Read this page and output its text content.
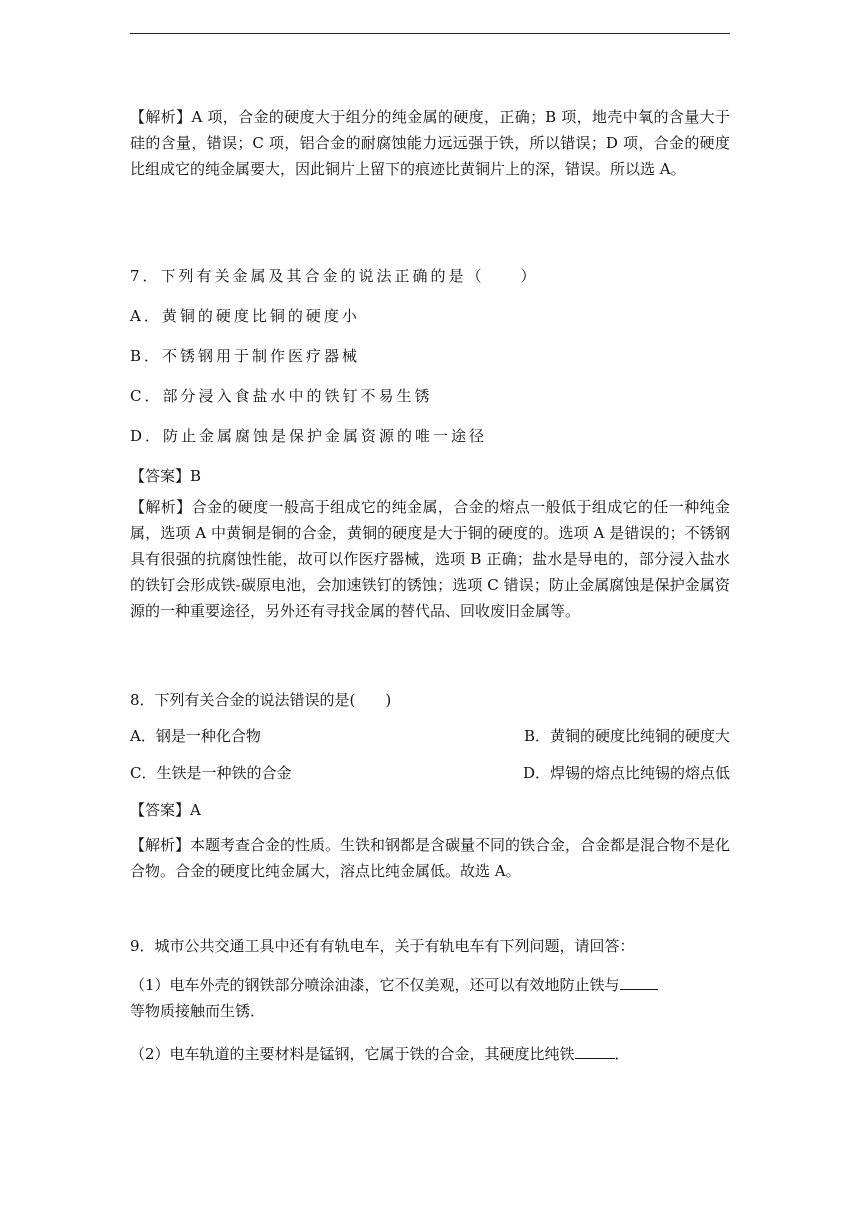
【解析】A 项，合金的硬度大于组分的纯金属的硬度，正确；B 项，地壳中氧的含量大于硅的含量，错误；C 项，铝合金的耐腐蚀能力远远强于铁，所以错误；D 项，合金的硬度比组成它的纯金属要大，因此铜片上留下的痕迹比黄铜片上的深，错误。所以选 A。

7．下列有关金属及其合金的说法正确的是（　　）
A．黄铜的硬度比铜的硬度小
B．不锈钢用于制作医疗器械
C．部分浸入食盐水中的铁钉不易生锈
D．防止金属腐蚀是保护金属资源的唯一途径
【答案】B

【解析】合金的硬度一般高于组成它的纯金属，合金的熔点一般低于组成它的任一种纯金属，选项 A 中黄铜是铜的合金，黄铜的硬度是大于铜的硬度的。选项 A 是错误的；不锈钢具有很强的抗腐蚀性能，故可以作医疗器械，选项 B 正确；盐水是导电的，部分浸入盐水的铁钉会形成铁-碳原电池，会加速铁钉的锈蚀；选项 C 错误；防止金属腐蚀是保护金属资源的一种重要途径，另外还有寻找金属的替代品、回收废旧金属等。

8．下列有关合金的说法错误的是(　　)
A．钢是一种化合物	B．黄铜的硬度比纯铜的硬度大
C．生铁是一种铁的合金	D．焊锡的熔点比纯锡的熔点低
【答案】A

【解析】本题考查合金的性质。生铁和钢都是含碳量不同的铁合金，合金都是混合物不是化合物。合金的硬度比纯金属大，溶点比纯金属低。故选 A。

9．城市公共交通工具中还有有轨电车，关于有轨电车有下列问题，请回答：
（1）电车外壳的钢铁部分喷涂油漆，它不仅美观，还可以有效地防止铁与
等物质接触而生锈．
（2）电车轨道的主要材料是锰钢，它属于铁的合金，其硬度比纯铁	．
